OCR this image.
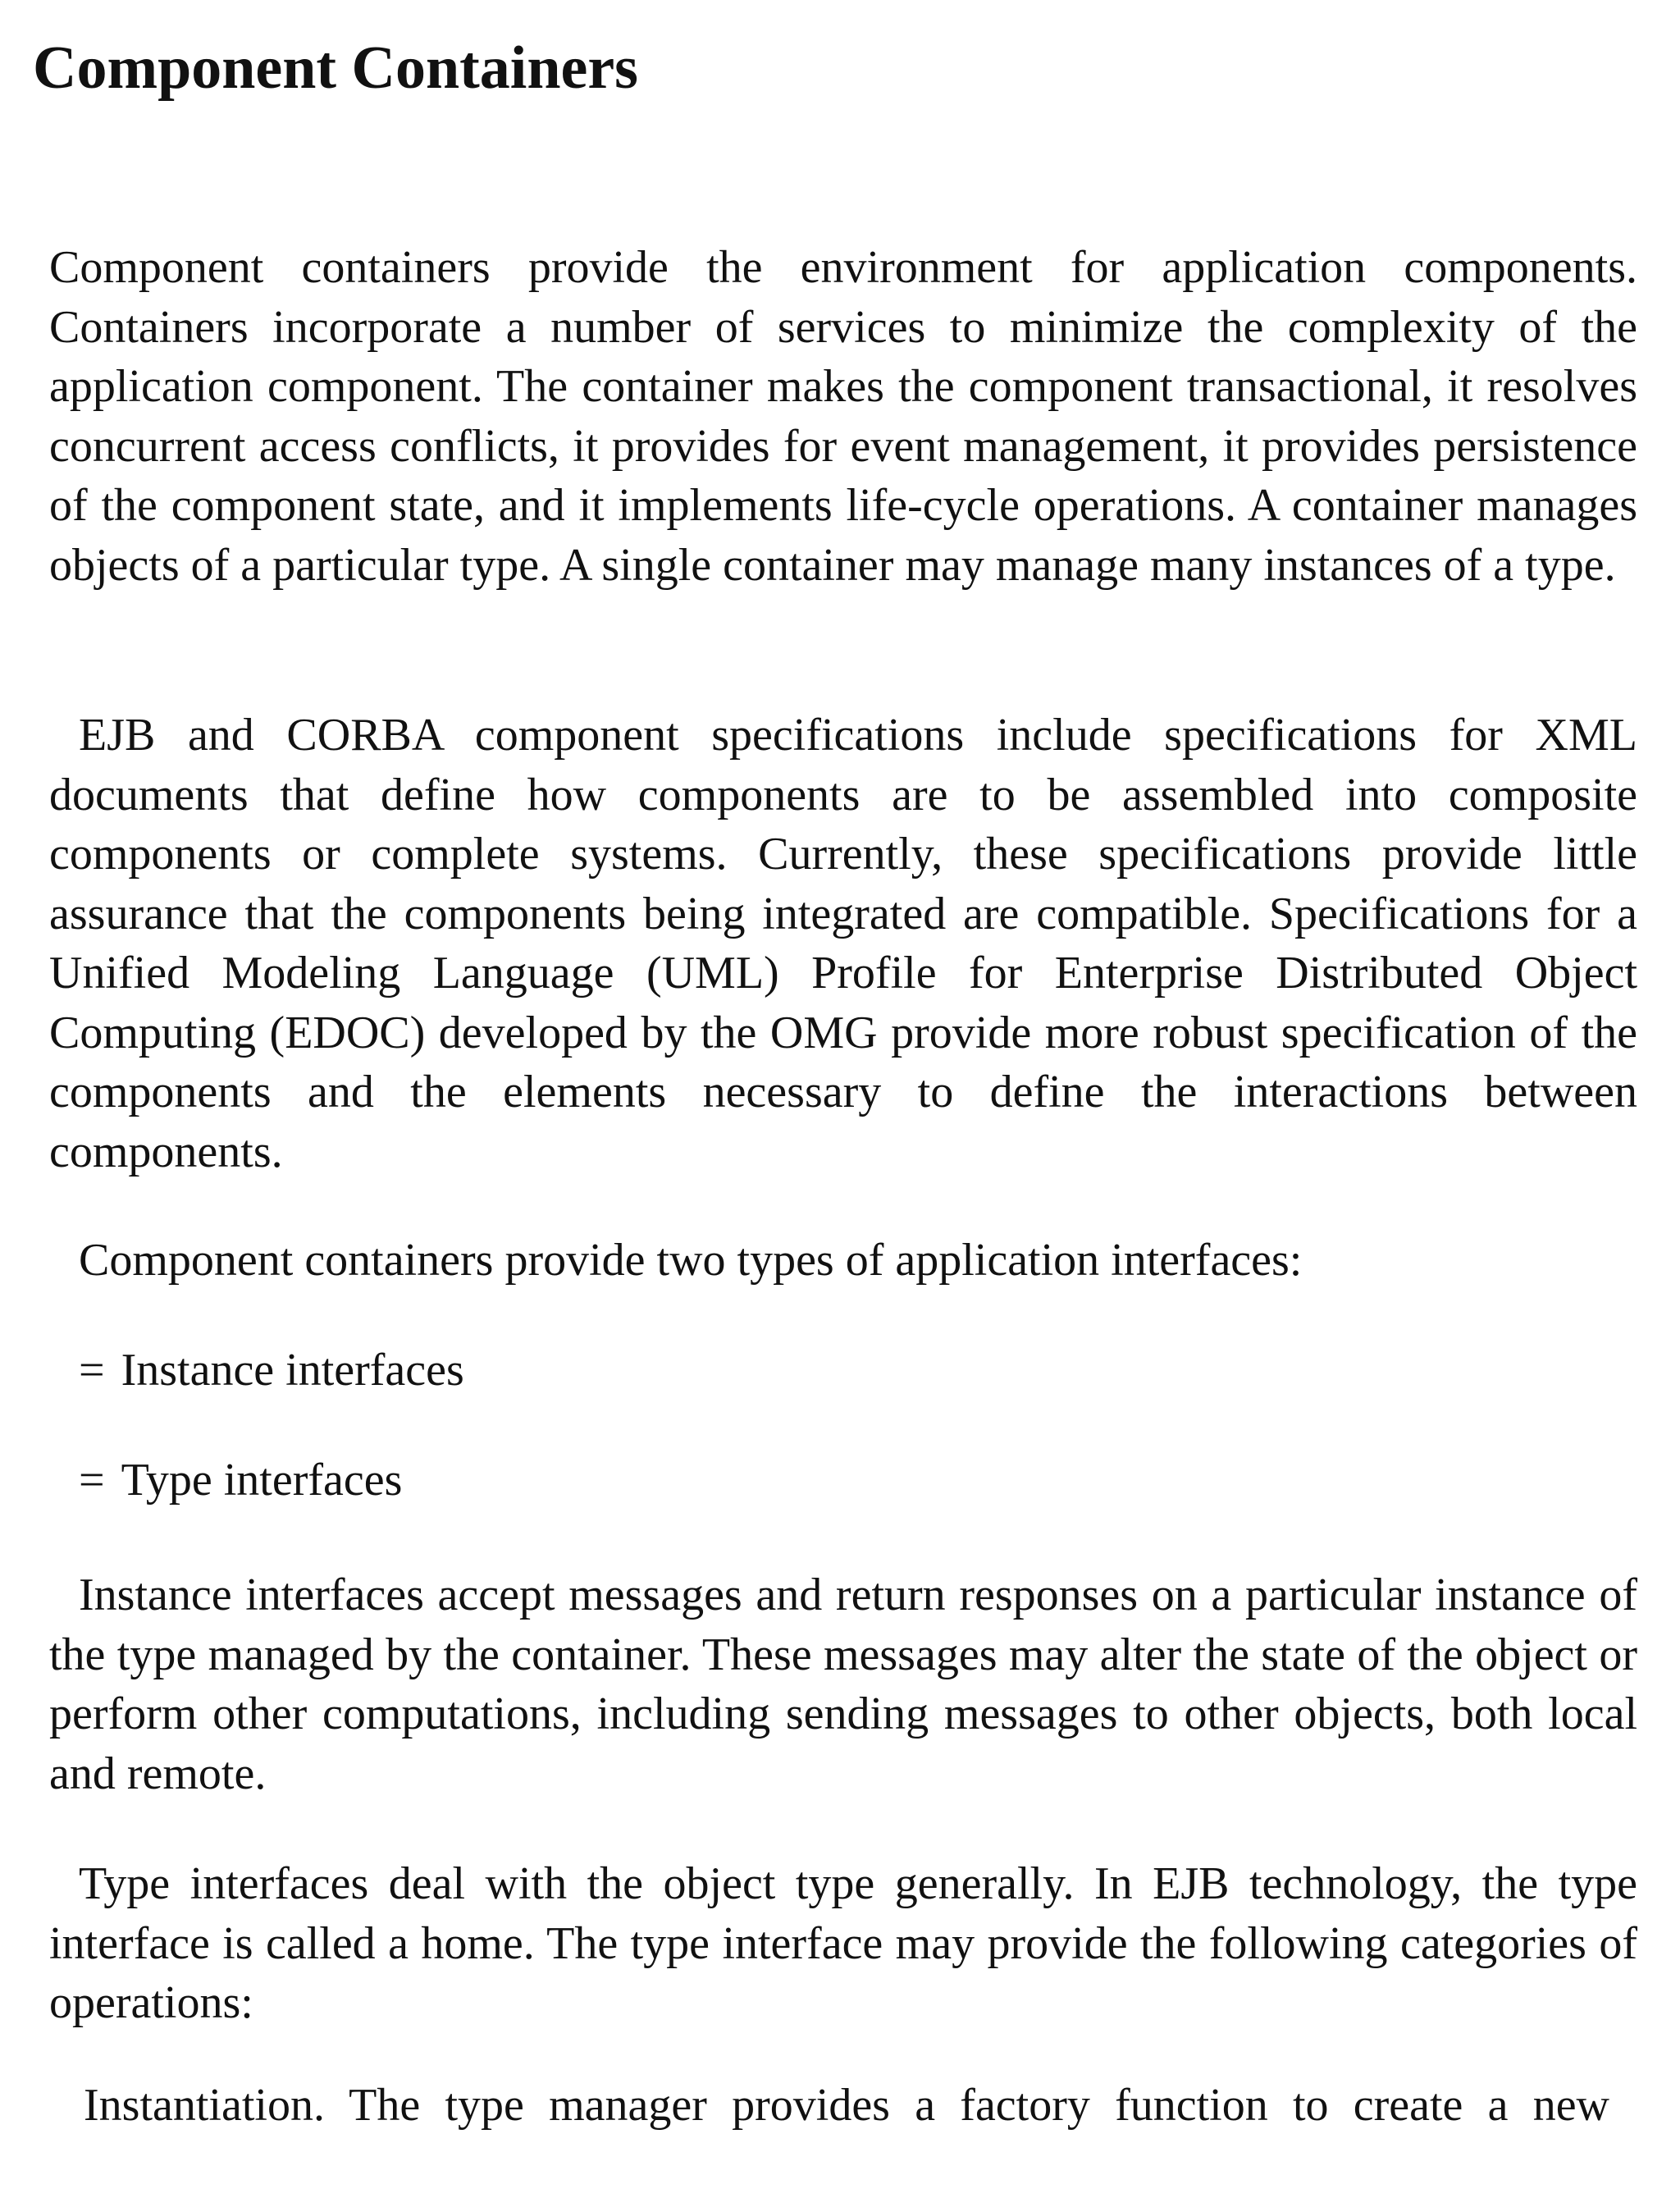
Component Containers

Component containers provide the environment for application components. Containers incorporate a number of services to minimize the complexity of the application component. The container makes the component transactional, it resolves concurrent access conflicts, it provides for event management, it provides persistence of the component state, and it implements life-cycle operations. A container manages objects of a particular type. A single container may manage many instances of a type.

EJB and CORBA component specifications include specifications for XML documents that define how components are to be assembled into composite components or complete systems. Currently, these specifications provide little assurance that the components being integrated are compatible. Specifications for a Unified Modeling Language (UML) Profile for Enterprise Distributed Object Computing (EDOC) developed by the OMG provide more robust specification of the components and the elements necessary to define the interactions between components.

Component containers provide two types of application interfaces:

= Instance interfaces
= Type interfaces

Instance interfaces accept messages and return responses on a particular instance of the type managed by the container. These messages may alter the state of the object or perform other computations, including sending messages to other objects, both local and remote.

Type interfaces deal with the object type generally. In EJB technology, the type interface is called a home. The type interface may provide the following categories of operations:

Instantiation. The type manager provides a factory function to create a new
